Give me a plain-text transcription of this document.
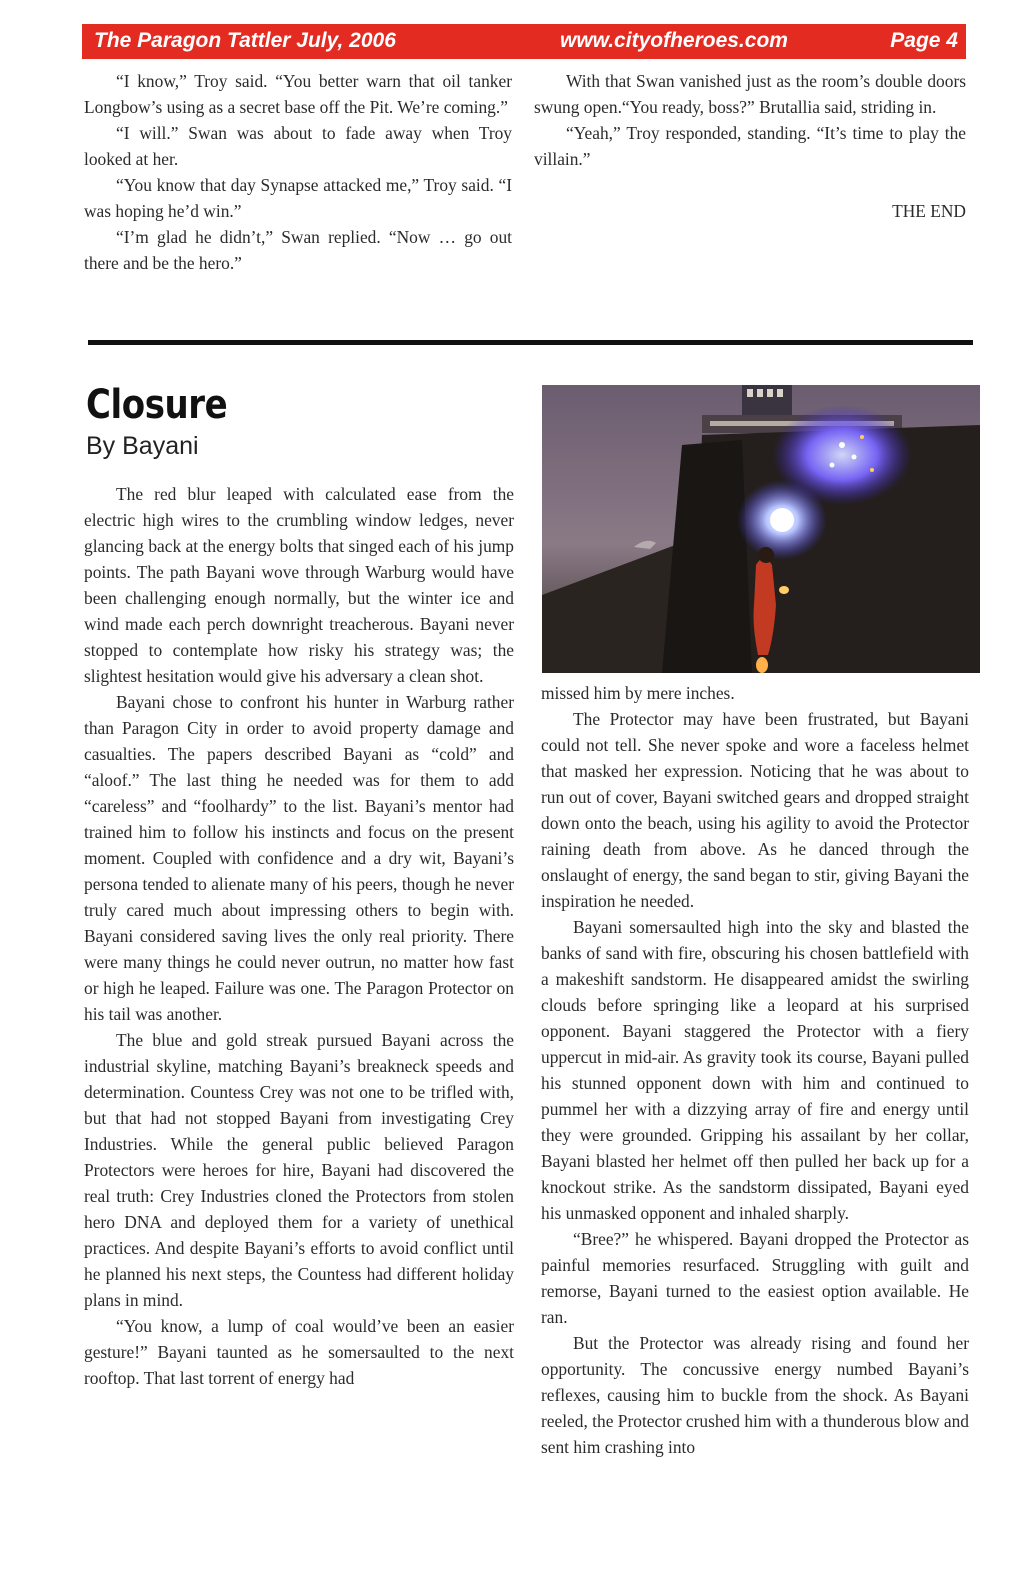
The Paragon Tattler July, 2006	www.cityofheroes.com	Page 4

“I know,” Troy said. “You better warn that oil tanker Longbow’s using as a secret base off the Pit. We’re coming.”

“I will.” Swan was about to fade away when Troy looked at her.

“You know that day Synapse attacked me,” Troy said. “I was hoping he’d win.”

“I’m glad he didn’t,” Swan replied. “Now … go out there and be the hero.”

With that Swan vanished just as the room’s double doors swung open.“You ready, boss?” Brutallia said, striding in.

“Yeah,” Troy responded, standing. “It’s time to play the villain.”

THE END

Closure
By Bayani

The red blur leaped with calculated ease from the electric high wires to the crumbling window ledges, never glancing back at the energy bolts that singed each of his jump points. The path Bayani wove through Warburg would have been challenging enough normally, but the winter ice and wind made each perch downright treacherous. Bayani never stopped to contemplate how risky his strategy was; the slightest hesitation would give his adversary a clean shot.

Bayani chose to confront his hunter in Warburg rather than Paragon City in order to avoid property damage and casualties. The papers described Bayani as “cold” and “aloof.” The last thing he needed was for them to add “careless” and “foolhardy” to the list. Bayani’s mentor had trained him to follow his instincts and focus on the present moment. Coupled with confidence and a dry wit, Bayani’s persona tended to alienate many of his peers, though he never truly cared much about impressing others to begin with. Bayani considered saving lives the only real priority. There were many things he could never outrun, no matter how fast or high he leaped. Failure was one. The Paragon Protector on his tail was another.

The blue and gold streak pursued Bayani across the industrial skyline, matching Bayani’s breakneck speeds and determination. Countess Crey was not one to be trifled with, but that had not stopped Bayani from investigating Crey Industries. While the general public believed Paragon Protectors were heroes for hire, Bayani had discovered the real truth: Crey Industries cloned the Protectors from stolen hero DNA and deployed them for a variety of unethical practices. And despite Bayani’s efforts to avoid conflict until he planned his next steps, the Countess had different holiday plans in mind.

“You know, a lump of coal would’ve been an easier gesture!” Bayani taunted as he somersaulted to the next rooftop. That last torrent of energy had

missed him by mere inches.

The Protector may have been frustrated, but Bayani could not tell. She never spoke and wore a faceless helmet that masked her expression. Noticing that he was about to run out of cover, Bayani switched gears and dropped straight down onto the beach, using his agility to avoid the Protector raining death from above. As he danced through the onslaught of energy, the sand began to stir, giving Bayani the inspiration he needed.

Bayani somersaulted high into the sky and blasted the banks of sand with fire, obscuring his chosen battlefield with a makeshift sandstorm. He disappeared amidst the swirling clouds before springing like a leopard at his surprised opponent. Bayani staggered the Protector with a fiery uppercut in mid-air. As gravity took its course, Bayani pulled his stunned opponent down with him and continued to pummel her with a dizzying array of fire and energy until they were grounded. Gripping his assailant by her collar, Bayani blasted her helmet off then pulled her back up for a knockout strike. As the sandstorm dissipated, Bayani eyed his unmasked opponent and inhaled sharply.

“Bree?” he whispered. Bayani dropped the Protector as painful memories resurfaced. Struggling with guilt and remorse, Bayani turned to the easiest option available. He ran.

But the Protector was already rising and found her opportunity. The concussive energy numbed Bayani’s reflexes, causing him to buckle from the shock. As Bayani reeled, the Protector crushed him with a thunderous blow and sent him crashing into
